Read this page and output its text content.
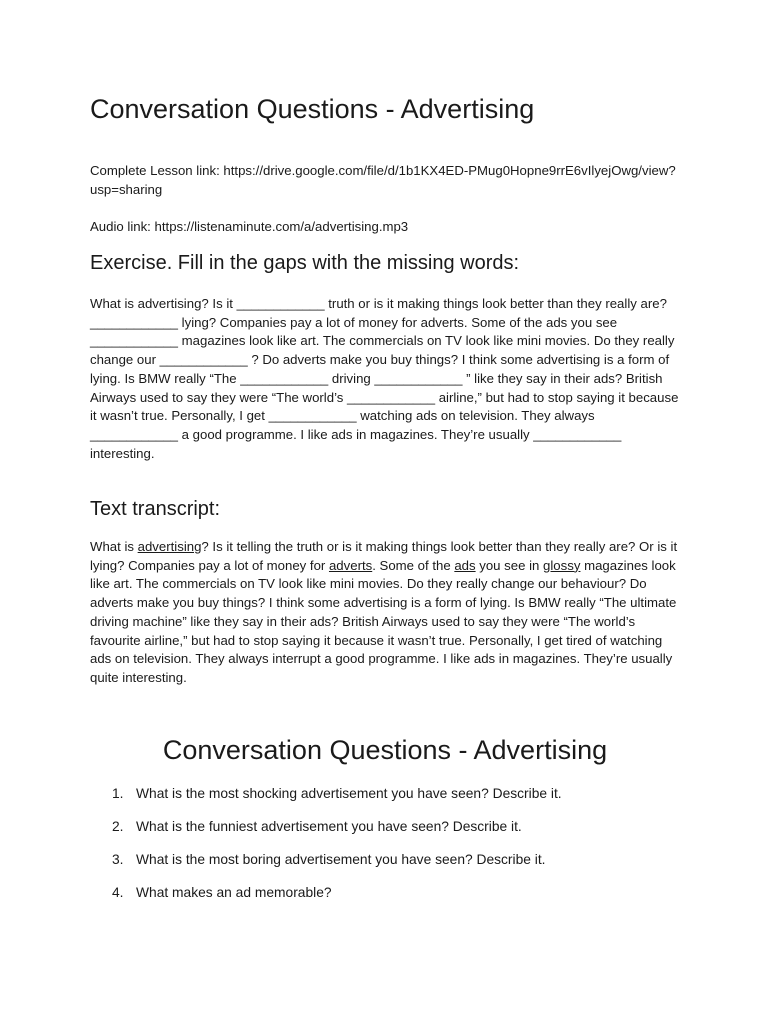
Conversation Questions - Advertising

Complete Lesson link: https://drive.google.com/file/d/1b1KX4ED-PMug0Hopne9rrE6vIlyejOwg/view?usp=sharing

Audio link: https://listenaminute.com/a/advertising.mp3

Exercise. Fill in the gaps with the missing words:

What is advertising? Is it ____________ truth or is it making things look better than they really are? ____________ lying? Companies pay a lot of money for adverts. Some of the ads you see ____________ magazines look like art. The commercials on TV look like mini movies. Do they really change our ____________ ? Do adverts make you buy things? I think some advertising is a form of lying. Is BMW really “The ____________ driving ____________ ” like they say in their ads? British Airways used to say they were “The world’s ____________ airline,” but had to stop saying it because it wasn’t true. Personally, I get ____________ watching ads on television. They always ____________ a good programme. I like ads in magazines. They’re usually ____________ interesting.

Text transcript:

What is advertising? Is it telling the truth or is it making things look better than they really are? Or is it lying? Companies pay a lot of money for adverts. Some of the ads you see in glossy magazines look like art. The commercials on TV look like mini movies. Do they really change our behaviour? Do adverts make you buy things? I think some advertising is a form of lying. Is BMW really “The ultimate driving machine” like they say in their ads? British Airways used to say they were “The world’s favourite airline,” but had to stop saying it because it wasn’t true. Personally, I get tired of watching ads on television. They always interrupt a good programme. I like ads in magazines. They’re usually quite interesting.

Conversation Questions - Advertising
1. What is the most shocking advertisement you have seen? Describe it.
2. What is the funniest advertisement you have seen? Describe it.
3. What is the most boring advertisement you have seen? Describe it.
4. What makes an ad memorable?
